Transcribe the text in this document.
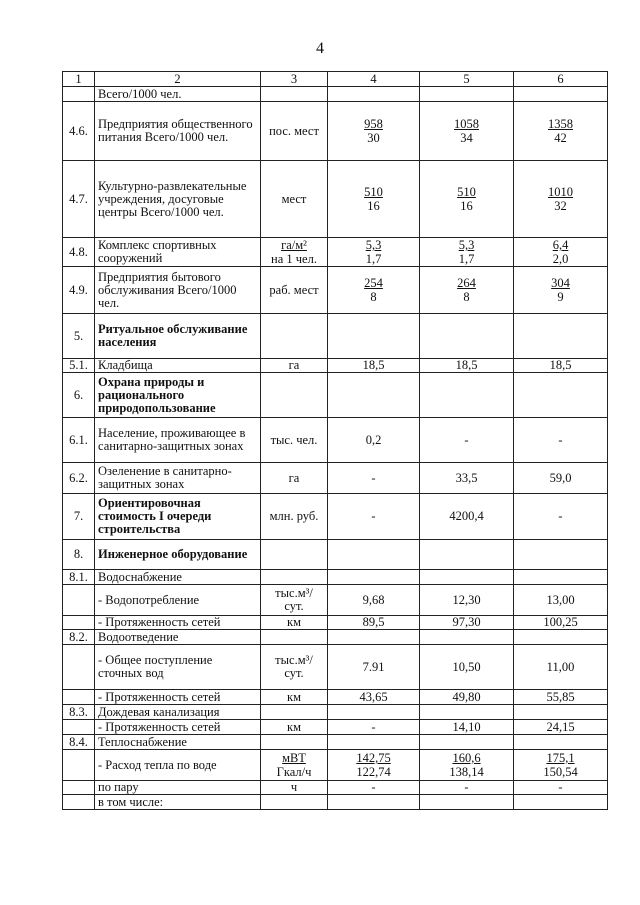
4
1	2	3	4	5	6
	Всего/1000 чел.				
4.6.	Предприятия общественного питания Всего/1000 чел.	пос. мест	$\frac{958}{30}$	$\frac{1058}{34}$	$\frac{1358}{42}$

4.7.	Культурно-развлекательные учреждения, досуговые центры Всего/1000 чел.	мест	$\frac{510}{16}$	$\frac{510}{16}$	$\frac{1010}{32}$

4.8.	Комплекс спортивных сооружений	$\frac{\text{га/м²}}{\text{на 1 чел.}}$	$\frac{5,3}{1,7}$	$\frac{5,3}{1,7}$	$\frac{6,4}{2,0}$

4.9.	Предприятия бытового обслуживания Всего/1000 чел.	раб. мест	$\frac{254}{8}$	$\frac{264}{8}$	$\frac{304}{9}$

5.	Ритуальное обслуживание населения				
5.1.	Кладбища	га	18,5	18,5	18,5
6.	Охрана природы и рационального природопользование				
6.1.	Население, проживающее в санитарно-защитных зонах	тыс. чел.	0,2	-	-
6.2.	Озеленение в санитарно-защитных зонах	га	-	33,5	59,0
7.	Ориентировочная стоимость I очереди строительства	млн. руб.	-	4200,4	-
8.	Инженерное оборудование				
8.1.	Водоснабжение				
	- Водопотребление	тыс.м³/ сут.	9,68	12,30	13,00
	- Протяженность сетей	км	89,5	97,30	100,25
8.2.	Водоотведение				
	- Общее поступление сточных вод	тыс.м³/ сут.	7.91	10,50	11,00
	- Протяженность сетей	км	43,65	49,80	55,85
8.3.	Дождевая канализация				
	- Протяженность сетей	км	-	14,10	24,15
8.4.	Теплоснабжение				
	- Расход тепла по воде	$\frac{\text{мВТ}}{\text{Гкал/ч}}$	$\frac{142,75}{122,74}$	$\frac{160,6}{138,14}$	$\frac{175,1}{150,54}$

	по пару	ч	-	-	-
	в том числе:				
